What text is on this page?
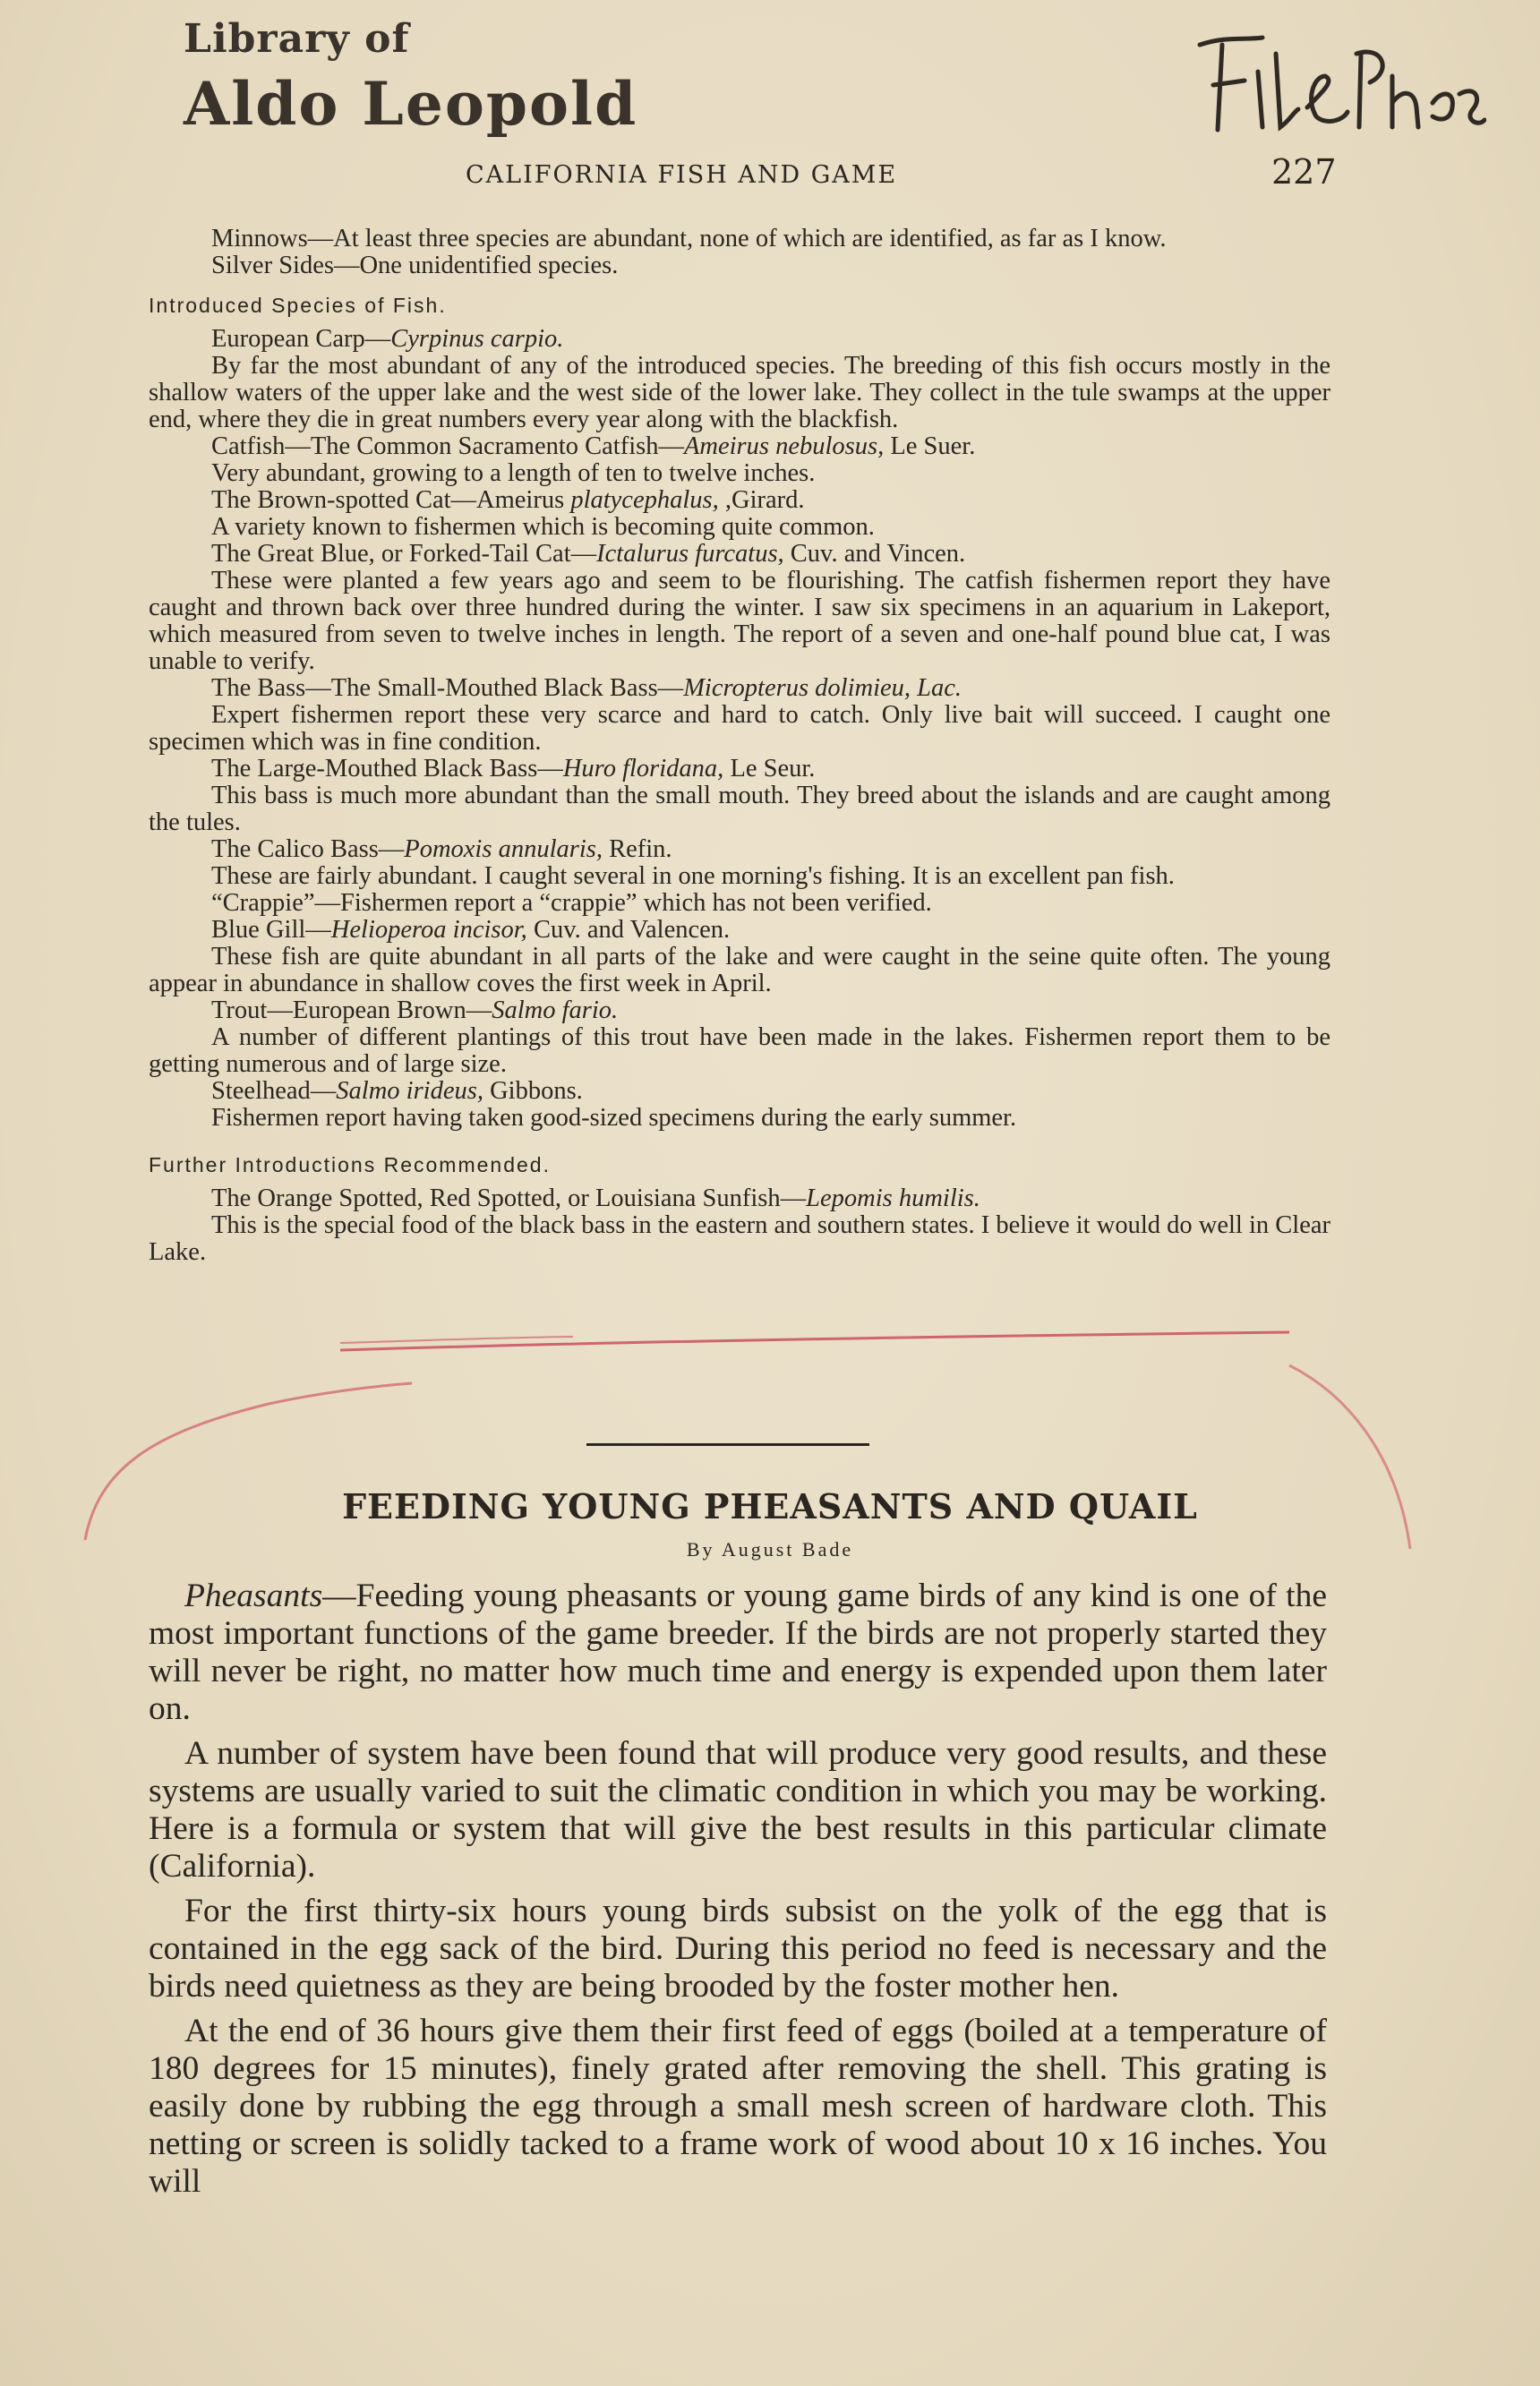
Library of
Aldo Leopold
CALIFORNIA FISH AND GAME	227

Minnows—At least three species are abundant, none of which are identified, as far as I know.

Silver Sides—One unidentified species.

Introduced Species of Fish.

European Carp—Cyrpinus carpio.

By far the most abundant of any of the introduced species. The breeding of this fish occurs mostly in the shallow waters of the upper lake and the west side of the lower lake. They collect in the tule swamps at the upper end, where they die in great numbers every year along with the blackfish.

Catfish—The Common Sacramento Catfish—Ameirus nebulosus, Le Suer.

Very abundant, growing to a length of ten to twelve inches.

The Brown-spotted Cat—Ameirus platycephalus, ,Girard.

A variety known to fishermen which is becoming quite common.

The Great Blue, or Forked-Tail Cat—Ictalurus furcatus, Cuv. and Vincen.

These were planted a few years ago and seem to be flourishing. The catfish fishermen report they have caught and thrown back over three hundred during the winter. I saw six specimens in an aquarium in Lakeport, which measured from seven to twelve inches in length. The report of a seven and one-half pound blue cat, I was unable to verify.

The Bass—The Small-Mouthed Black Bass—Micropterus dolimieu, Lac.

Expert fishermen report these very scarce and hard to catch. Only live bait will succeed. I caught one specimen which was in fine condition.

The Large-Mouthed Black Bass—Huro floridana, Le Seur.

This bass is much more abundant than the small mouth. They breed about the islands and are caught among the tules.

The Calico Bass—Pomoxis annularis, Refin.

These are fairly abundant. I caught several in one morning's fishing. It is an excellent pan fish.

“Crappie”—Fishermen report a “crappie” which has not been verified.

Blue Gill—Helioperoa incisor, Cuv. and Valencen.

These fish are quite abundant in all parts of the lake and were caught in the seine quite often. The young appear in abundance in shallow coves the first week in April.

Trout—European Brown—Salmo fario.

A number of different plantings of this trout have been made in the lakes. Fishermen report them to be getting numerous and of large size.

Steelhead—Salmo irideus, Gibbons.

Fishermen report having taken good-sized specimens during the early summer.

Further Introductions Recommended.

The Orange Spotted, Red Spotted, or Louisiana Sunfish—Lepomis humilis.

This is the special food of the black bass in the eastern and southern states. I believe it would do well in Clear Lake.

FEEDING YOUNG PHEASANTS AND QUAIL
By August Bade

Pheasants—Feeding young pheasants or young game birds of any kind is one of the most important functions of the game breeder. If the birds are not properly started they will never be right, no matter how much time and energy is expended upon them later on.

A number of system have been found that will produce very good results, and these systems are usually varied to suit the climatic condition in which you may be working. Here is a formula or system that will give the best results in this particular climate (California).

For the first thirty-six hours young birds subsist on the yolk of the egg that is contained in the egg sack of the bird. During this period no feed is necessary and the birds need quietness as they are being brooded by the foster mother hen.

At the end of 36 hours give them their first feed of eggs (boiled at a temperature of 180 degrees for 15 minutes), finely grated after removing the shell. This grating is easily done by rubbing the egg through a small mesh screen of hardware cloth. This netting or screen is solidly tacked to a frame work of wood about 10 x 16 inches. You will
